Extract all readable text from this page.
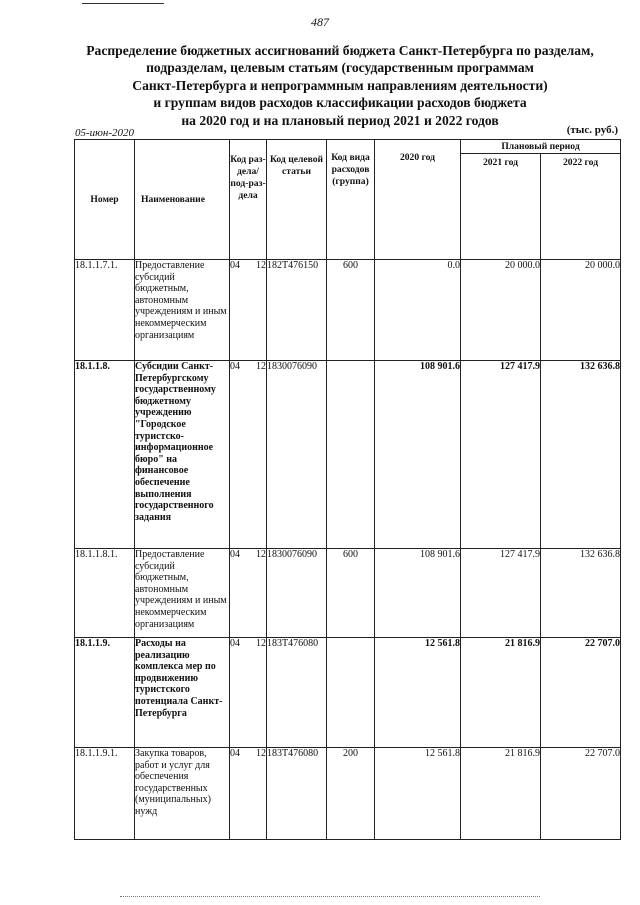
487
Распределение бюджетных ассигнований бюджета Санкт-Петербурга по разделам,
подразделам, целевым статьям (государственным программам
Санкт-Петербурга и непрограммным направлениям деятельности)
и группам видов расходов классификации расходов бюджета
на 2020 год и на плановый период 2021 и 2022 годов
05-июн-2020	(тыс. руб.)
Номер	Наименование	Код раз-дела/ под-раз-дела	Код целевой статьи	Код вида расходов (группа)	2020 год	Плановый период	
						2021 год	2022 год
18.1.1.7.1.	Предоставление субсидий бюджетным, автономным учреждениям и иным некоммерческим организациям	04 12	182Т476150	600	0.0	20 000.0	20 000.0
18.1.1.8.	Субсидии Санкт-Петербургскому государственному бюджетному учреждению "Городское туристско-информационное бюро" на финансовое обеспечение выполнения государственного задания	04 12	1830076090		108 901.6	127 417.9	132 636.8
18.1.1.8.1.	Предоставление субсидий бюджетным, автономным учреждениям и иным некоммерческим организациям	04 12	1830076090	600	108 901.6	127 417.9	132 636.8
18.1.1.9.	Расходы на реализацию комплекса мер по продвижению туристского потенциала Санкт-Петербурга	04 12	183Т476080		12 561.8	21 816.9	22 707.0
18.1.1.9.1.	Закупка товаров, работ и услуг для обеспечения государственных (муниципальных) нужд	04 12	183Т476080	200	12 561.8	21 816.9	22 707.0
